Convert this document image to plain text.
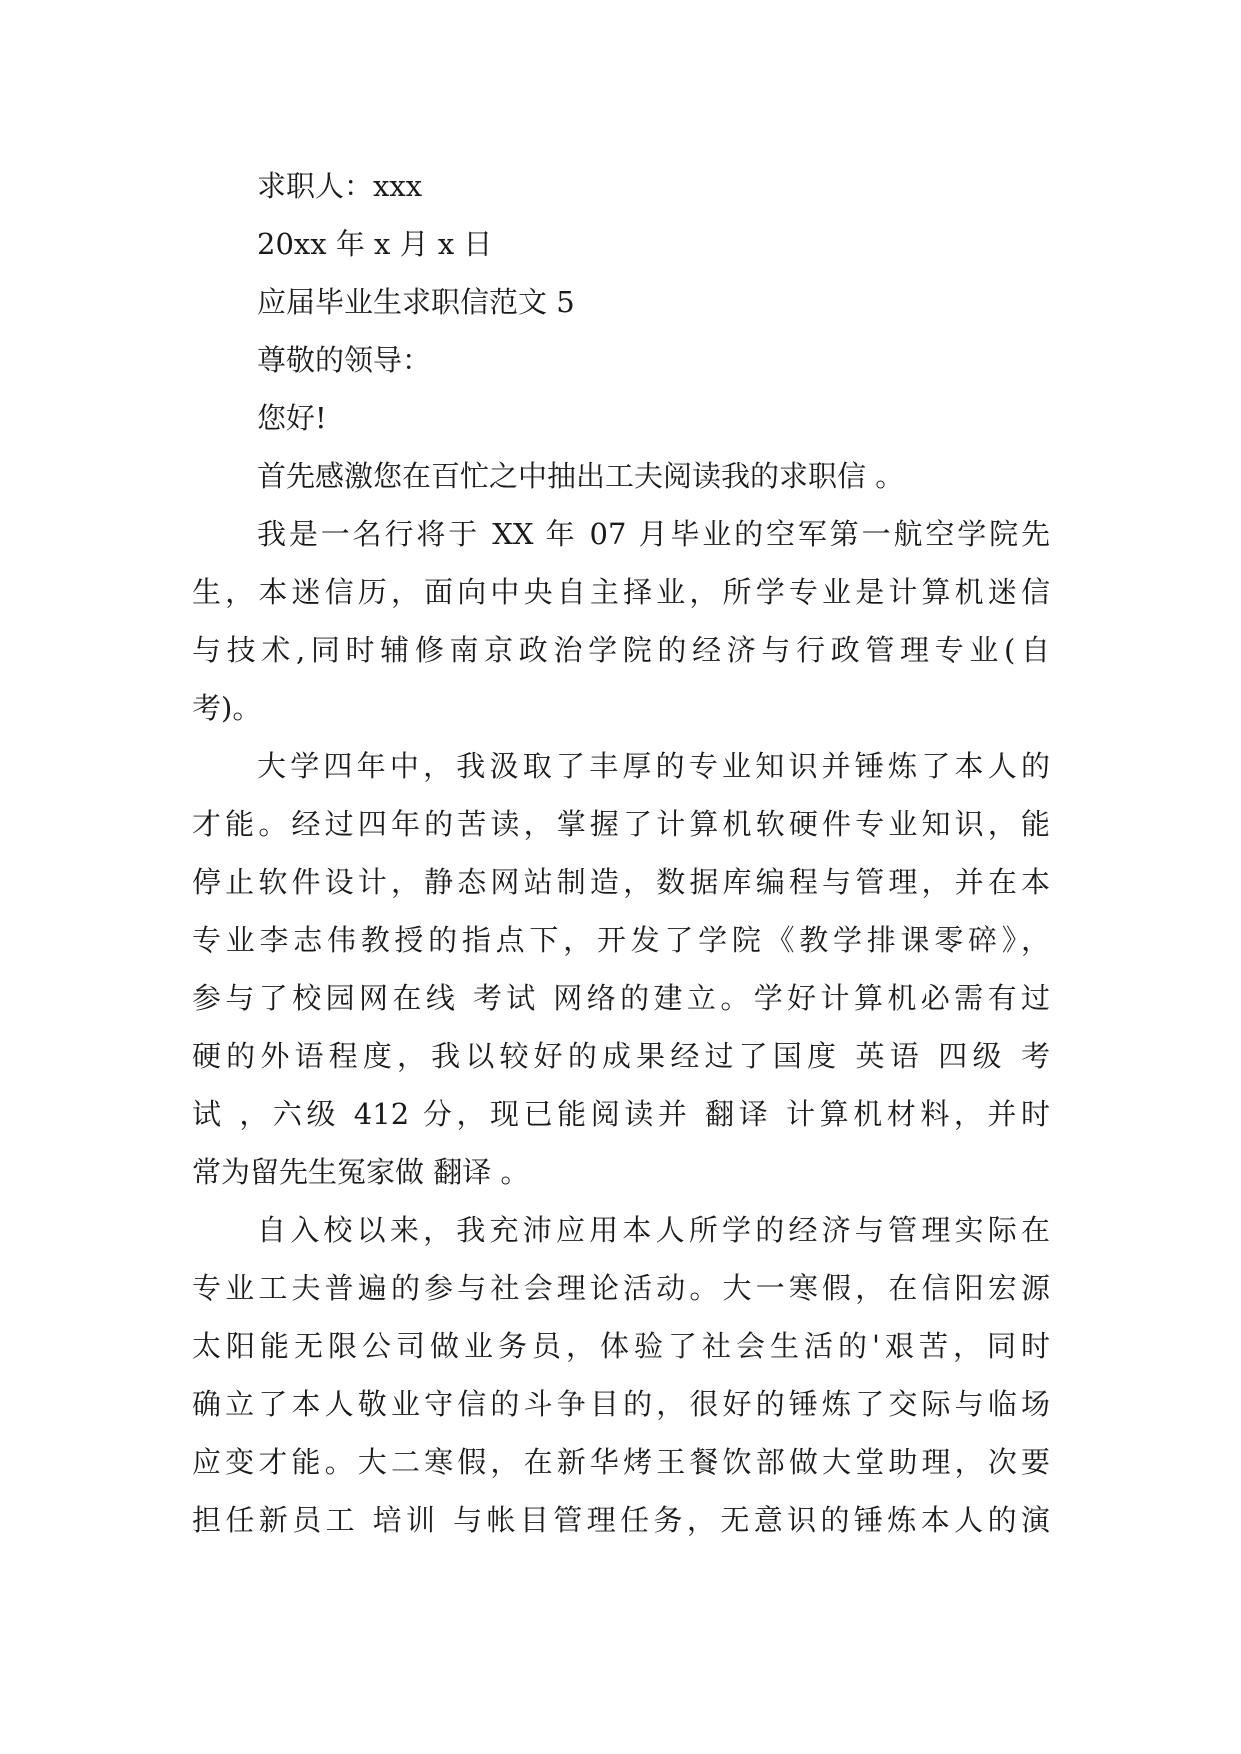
求职人：xxx
20xx 年 x 月 x 日
应届毕业生求职信范文 5
尊敬的领导：
您好!
首先感激您在百忙之中抽出工夫阅读我的求职信 。
我是一名行将于 XX 年 07 月毕业的空军第一航空学院先
生，本迷信历，面向中央自主择业，所学专业是计算机迷信
与技术,同时辅修南京政治学院的经济与行政管理专业(自
考)。
大学四年中，我汲取了丰厚的专业知识并锤炼了本人的
才能。经过四年的苦读，掌握了计算机软硬件专业知识，能
停止软件设计，静态网站制造，数据库编程与管理，并在本
专业李志伟教授的指点下，开发了学院《教学排课零碎》，
参与了校园网在线 考试 网络的建立。学好计算机必需有过
硬的外语程度，我以较好的成果经过了国度 英语 四级 考
试 ，六级 412 分，现已能阅读并 翻译 计算机材料，并时
常为留先生冤家做 翻译 。
自入校以来，我充沛应用本人所学的经济与管理实际在
专业工夫普遍的参与社会理论活动。大一寒假，在信阳宏源
太阳能无限公司做业务员，体验了社会生活的'艰苦，同时
确立了本人敬业守信的斗争目的，很好的锤炼了交际与临场
应变才能。大二寒假，在新华烤王餐饮部做大堂助理，次要
担任新员工 培训 与帐目管理任务，无意识的锤炼本人的演
